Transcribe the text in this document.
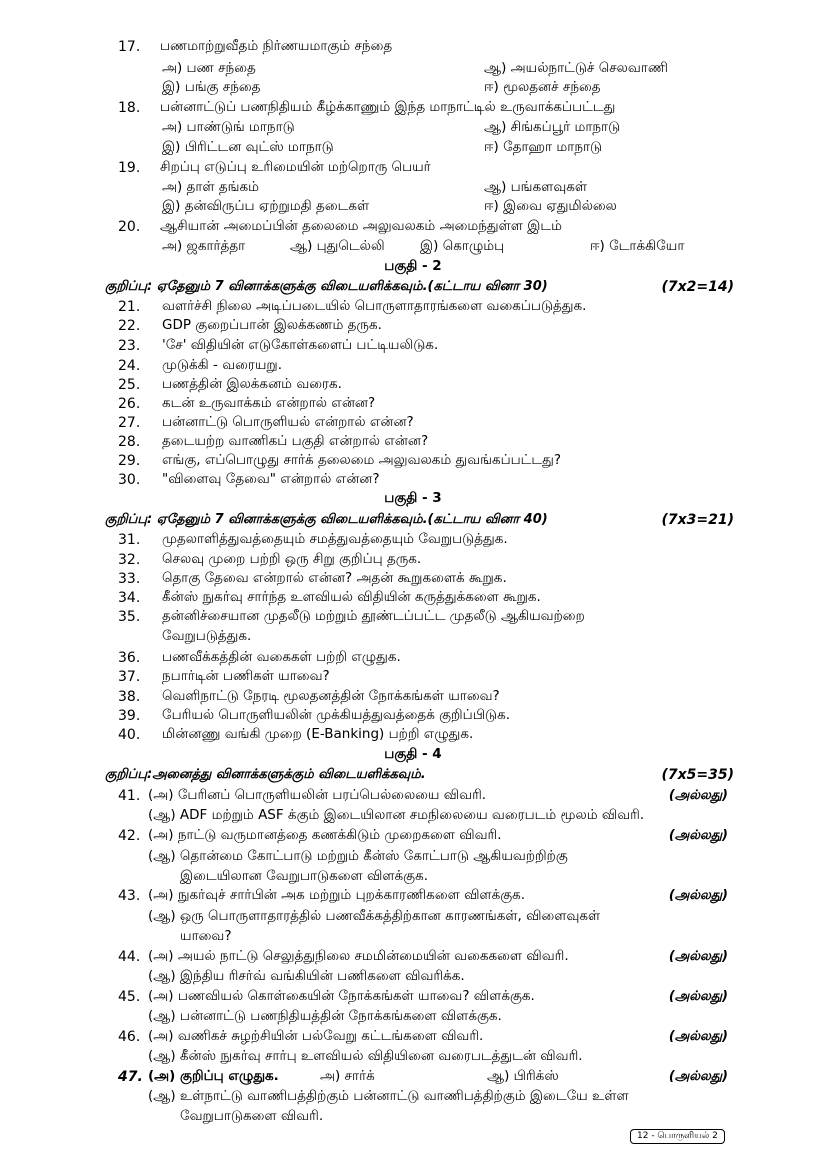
17. பணமாற்றுவீதம் நிர்ணயமாகும் சந்தை
அ) பண சந்தை	ஆ) அயல்நாட்டுச் செலவாணி
இ) பங்கு சந்தை	ஈ) மூலதனச் சந்தை
18. பன்னாட்டுப் பணநிதியம் கீழ்க்காணும் இந்த மாநாட்டில் உருவாக்கப்பட்டது
அ) பாண்டுங் மாநாடு	ஆ) சிங்கப்பூர் மாநாடு
இ) பிரிட்டன வுட்ஸ் மாநாடு	ஈ) தோஹா மாநாடு
19. சிறப்பு எடுப்பு உரிமையின் மற்றொரு பெயர்
அ) தாள் தங்கம்	ஆ) பங்களவுகள்
இ) தன்விருப்ப ஏற்றுமதி தடைகள்	ஈ) இவை ஏதுமில்லை
20. ஆசியான் அமைப்பின் தலைமை அலுவலகம் அமைந்துள்ள இடம்
அ) ஜகார்த்தா	ஆ) புதுடெல்லி	இ) கொழும்பு	ஈ) டோக்கியோ
பகுதி - 2
குறிப்பு: ஏதேனும் 7 வினாக்களுக்கு விடையளிக்கவும்.(கட்டாய வினா 30)	(7x2=14)
21. வளர்ச்சி நிலை அடிப்படையில் பொருளாதாரங்களை வகைப்படுத்துக.
22. GDP குறைப்பான் இலக்கணம் தருக.
23. 'சே' விதியின் எடுகோள்களைப் பட்டியலிடுக.
24. முடுக்கி - வரையறு.
25. பணத்தின் இலக்கனம் வரைக.
26. கடன் உருவாக்கம் என்றால் என்ன?
27. பன்னாட்டு பொருளியல் என்றால் என்ன?
28. தடையற்ற வாணிகப் பகுதி என்றால் என்ன?
29. எங்கு, எப்பொழுது சார்க் தலைமை அலுவலகம் துவங்கப்பட்டது?
30. "விளைவு தேவை" என்றால் என்ன?
பகுதி - 3
குறிப்பு: ஏதேனும் 7 வினாக்களுக்கு விடையளிக்கவும்.(கட்டாய வினா 40)	(7x3=21)
31. முதலாளித்துவத்தையும் சமத்துவத்தையும் வேறுபடுத்துக.
32. செலவு முறை பற்றி ஒரு சிறு குறிப்பு தருக.
33. தொகு தேவை என்றால் என்ன? அதன் கூறுகளைக் கூறுக.
34. கீன்ஸ் நுகர்வு சார்ந்த உளவியல் விதியின் கருத்துக்களை கூறுக.
35. தன்னிச்சையான முதலீடு மற்றும் தூண்டப்பட்ட முதலீடு ஆகியவற்றை
வேறுபடுத்துக.
36. பணவீக்கத்தின் வகைகள் பற்றி எழுதுக.
37. நபார்டின் பணிகள் யாவை?
38. வெளிநாட்டு நேரடி மூலதனத்தின் நோக்கங்கள் யாவை?
39. பேரியல் பொருளியலின் முக்கியத்துவத்தைக் குறிப்பிடுக.
40. மின்னணு வங்கி முறை (E-Banking) பற்றி எழுதுக.
பகுதி - 4
குறிப்பு:அனைத்து வினாக்களுக்கும் விடையளிக்கவும்.	(7x5=35)
41. (அ) பேரினப் பொருளியலின் பரப்பெல்லையை விவரி.	(அல்லது)
(ஆ) ADF மற்றும் ASF க்கும் இடையிலான சமநிலையை வரைபடம் மூலம் விவரி.
42. (அ) நாட்டு வருமானத்தை கணக்கிடும் முறைகளை விவரி.	(அல்லது)
(ஆ) தொன்மை கோட்பாடு மற்றும் கீன்ஸ் கோட்பாடு ஆகியவற்றிற்கு
இடையிலான வேறுபாடுகளை விளக்குக.
43. (அ) நுகர்வுச் சார்பின் அக மற்றும் புறக்காரணிகளை விளக்குக.	(அல்லது)
(ஆ) ஒரு பொருளாதாரத்தில் பணவீக்கத்திற்கான காரணங்கள், விளைவுகள்
யாவை?
44. (அ) அயல் நாட்டு செலுத்துநிலை சமமின்மையின் வகைகளை விவரி.	(அல்லது)
(ஆ) இந்திய ரிசர்வ் வங்கியின் பணிகளை விவரிக்க.
45. (அ) பணவியல் கொள்கையின் நோக்கங்கள் யாவை? விளக்குக.	(அல்லது)
(ஆ) பன்னாட்டு பணநிதியத்தின் நோக்கங்களை விளக்குக.
46. (அ) வணிகச் சுழற்சியின் பல்வேறு கட்டங்களை விவரி.	(அல்லது)
(ஆ) கீன்ஸ் நுகர்வு சார்பு உளவியல் விதியினை வரைபடத்துடன் விவரி.
47. (அ) குறிப்பு எழுதுக.	அ) சார்க்	ஆ) பிரிக்ஸ்	(அல்லது)
(ஆ) உள்நாட்டு வாணிபத்திற்கும் பன்னாட்டு வாணிபத்திற்கும் இடையே உள்ள
வேறுபாடுகளை விவரி.
12 - பொருளியல் 2
